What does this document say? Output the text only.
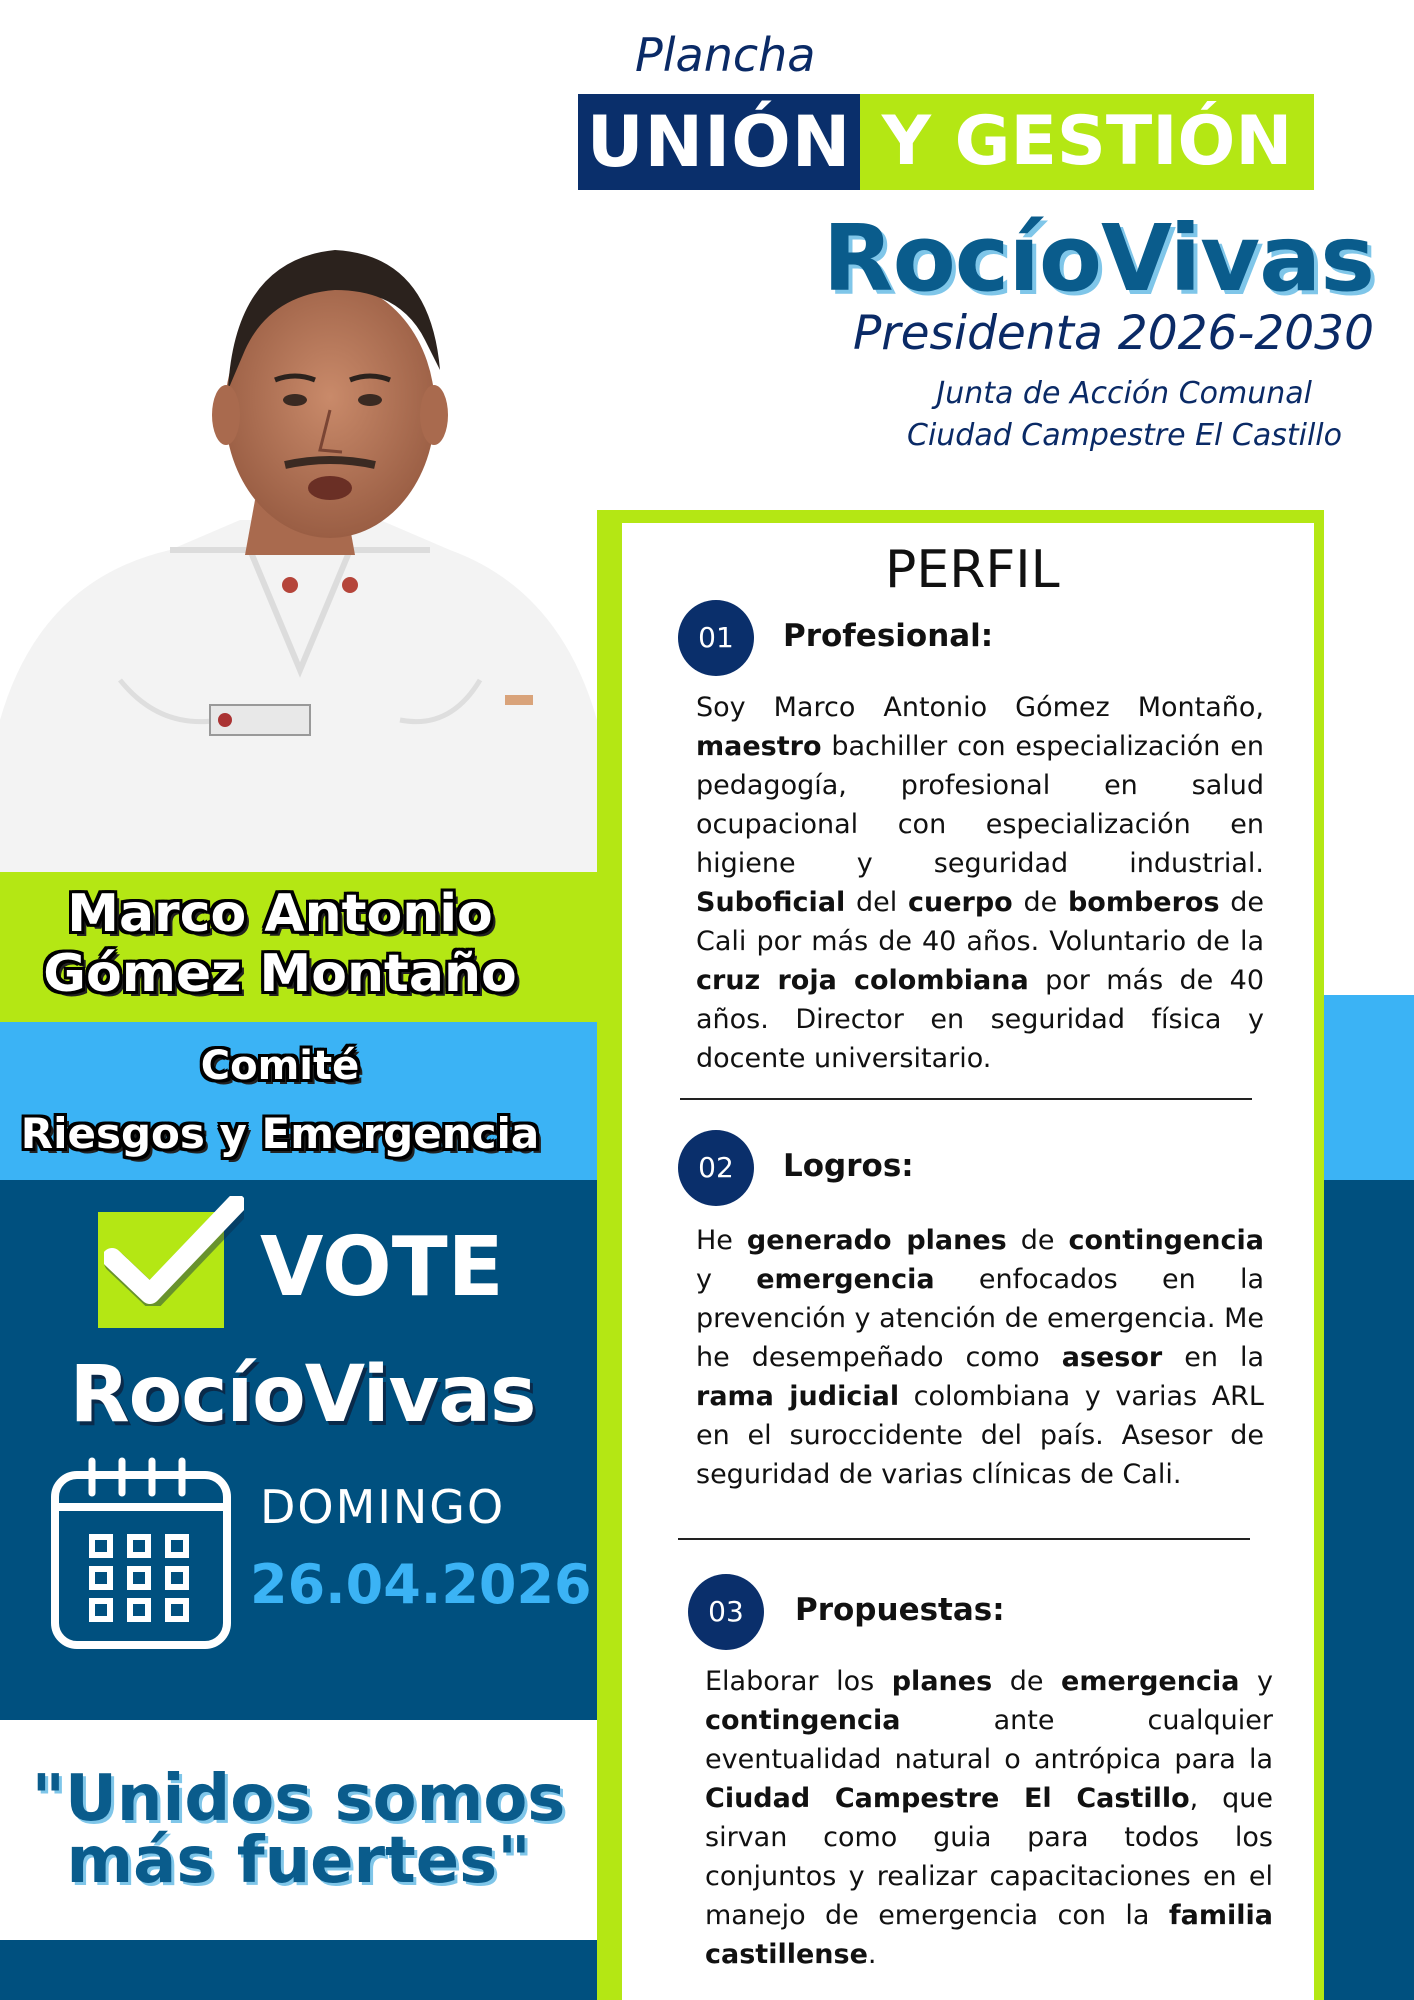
Plancha
UNIÓN Y GESTIÓN
RocíoVivas
Presidenta 2026-2030
Junta de Acción Comunal
Ciudad Campestre El Castillo
Marco Antonio Gómez Montaño
Comité
Riesgos y Emergencia
VOTE
RocíoVivas
DOMINGO
26.04.2026
"Unidos somos más fuertes"
PERFIL
01	Profesional:
Soy Marco Antonio Gómez Montaño, maestro bachiller con especialización en pedagogía, profesional en salud ocupacional con especialización en higiene y seguridad industrial. Suboficial del cuerpo de bomberos de Cali por más de 40 años. Voluntario de la cruz roja colombiana por más de 40 años. Director en seguridad física y docente universitario.
02	Logros:
He generado planes de contingencia y emergencia enfocados en la prevención y atención de emergencia. Me he desempeñado como asesor en la rama judicial colombiana y varias ARL en el suroccidente del país. Asesor de seguridad de varias clínicas de Cali.
03	Propuestas:
Elaborar los planes de emergencia y contingencia ante cualquier eventualidad natural o antrópica para la Ciudad Campestre El Castillo, que sirvan como guia para todos los conjuntos y realizar capacitaciones en el manejo de emergencia con la familia castillense.
